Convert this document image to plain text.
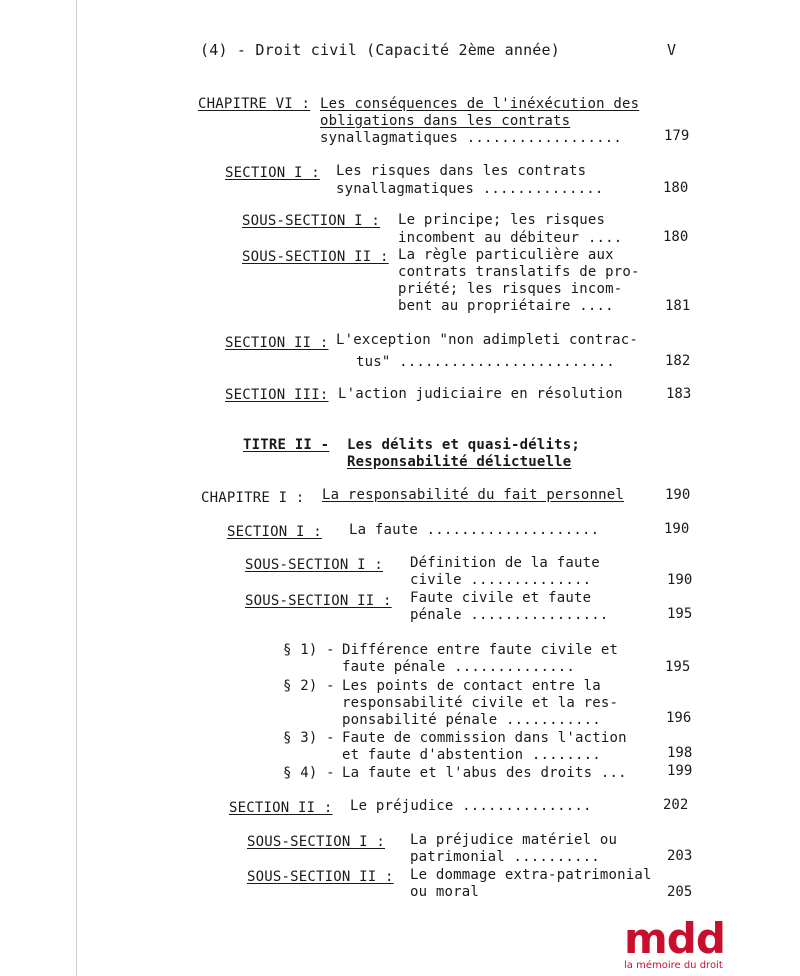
(4) - Droit civil (Capacité 2ème année)	V
CHAPITRE VI : Les conséquences de l'inéxécution des
obligations dans les contrats
synallagmatiques ..................	179
SECTION I : Les risques dans les contrats
synallagmatiques ..............	180
SOUS-SECTION I : Le principe; les risques
incombent au débiteur ....	180
SOUS-SECTION II : La règle particulière aux
contrats translatifs de pro-
priété; les risques incom-
bent au propriétaire ....	181
SECTION II : L'exception "non adimpleti contrac-
tus" .........................	182
SECTION III: L'action judiciaire en résolution	183
TITRE II - Les délits et quasi-délits;
Responsabilité délictuelle
CHAPITRE I : La responsabilité du fait personnel	190
SECTION I : La faute ....................	190
SOUS-SECTION I : Définition de la faute
civile ..............	190
SOUS-SECTION II : Faute civile et faute
pénale ................	195
§ 1) - Différence entre faute civile et
faute pénale ..............	195
§ 2) - Les points de contact entre la
responsabilité civile et la res-
ponsabilité pénale ...........	196
§ 3) - Faute de commission dans l'action
et faute d'abstention ........	198
§ 4) - La faute et l'abus des droits ...	199
SECTION II : Le préjudice ...............	202
SOUS-SECTION I : La préjudice matériel ou
patrimonial ..........	203
SOUS-SECTION II : Le dommage extra-patrimonial
ou moral	205
mdd
la mémoire du droit
